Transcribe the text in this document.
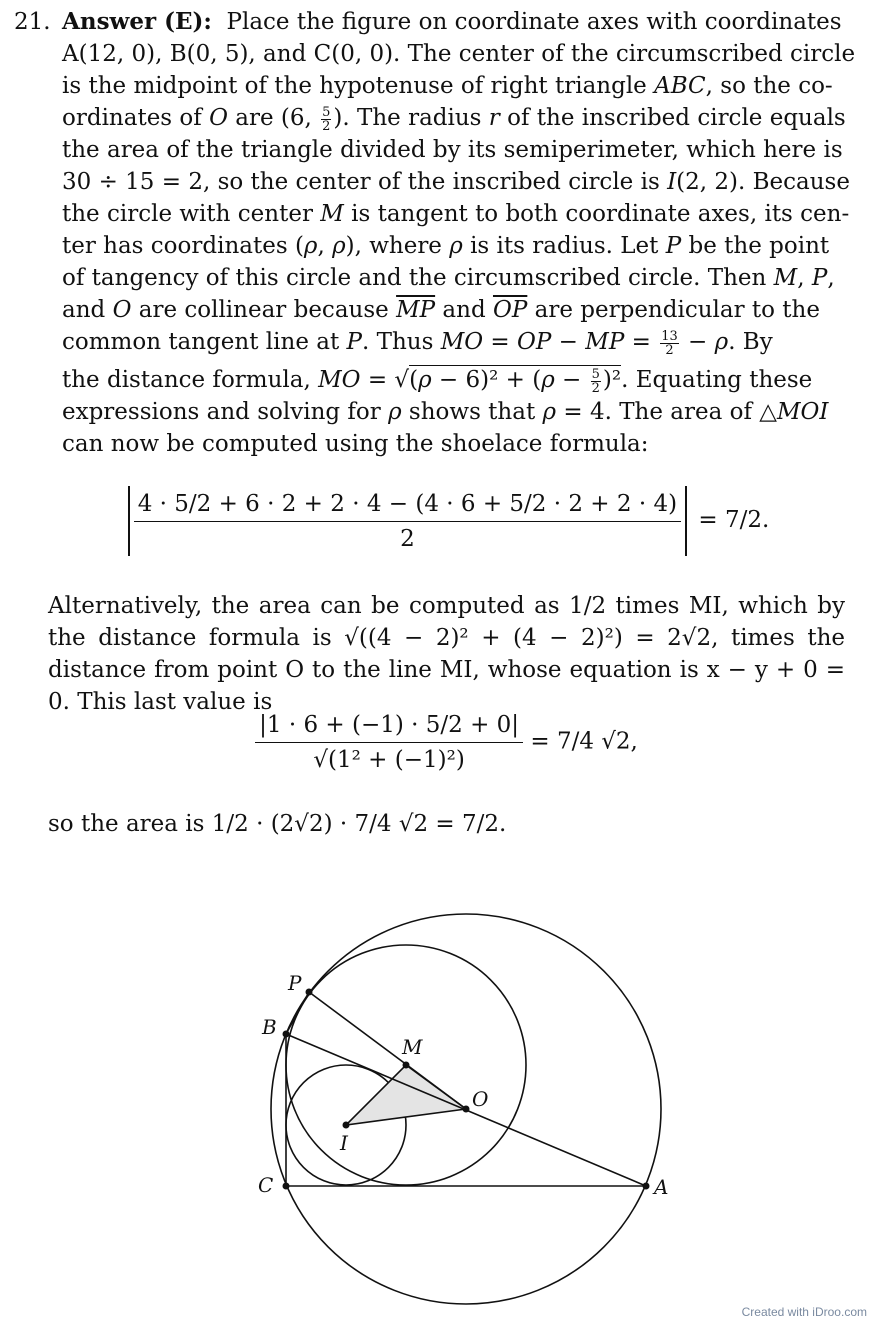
21. Answer (E): Place the figure on coordinate axes with coordinates
A(12, 0), B(0, 5), and C(0, 0). The center of the circumscribed circle
is the midpoint of the hypotenuse of right triangle ABC, so the co-
ordinates of O are (6, $\frac{5}{2}$ ). The radius r of the inscribed circle equals
the area of the triangle divided by its semiperimeter, which here is
30 ÷ 15 = 2, so the center of the inscribed circle is I(2, 2). Because
the circle with center M is tangent to both coordinate axes, its cen-
ter has coordinates (ρ, ρ), where ρ is its radius. Let P be the point
of tangency of this circle and the circumscribed circle. Then M, P,
and O are collinear because $\overline{MP}$ and $\overline{OP}$ are perpendicular to the
common tangent line at P. Thus MO = OP − MP = $\frac{13}{2} - \rho$. By
the distance formula, MO = $√(\rho - 6)^2 + (\rho - \frac{5}{2} )^2$. Equating these
expressions and solving for ρ shows that ρ = 4. The area of △MOI
can now be computed using the shoelace formula:
$\frac{4 \cdot 5/2 + 6 \cdot 2 + 2 \cdot 4 - (4 \cdot 6 + 5/2 \cdot 2 + 2 \cdot 4)}{2} = 7/2$.
Alternatively, the area can be computed as 1/2 times MI, which by the distance formula is √((4 − 2)² + (4 − 2)²) = 2√2, times the distance from point O to the line MI, whose equation is x − y + 0 = 0. This last value is
$\frac{|1 \cdot 6 + (-1) \cdot 5/2 + 0|}{\text{√(1² + (−1)²)}} = 7/4$ √2,
so the area is 1/2 · (2√2) · 7/4 √2 = 7/2.
P
B
M
O
I
C	A
Created with iDroo.com
